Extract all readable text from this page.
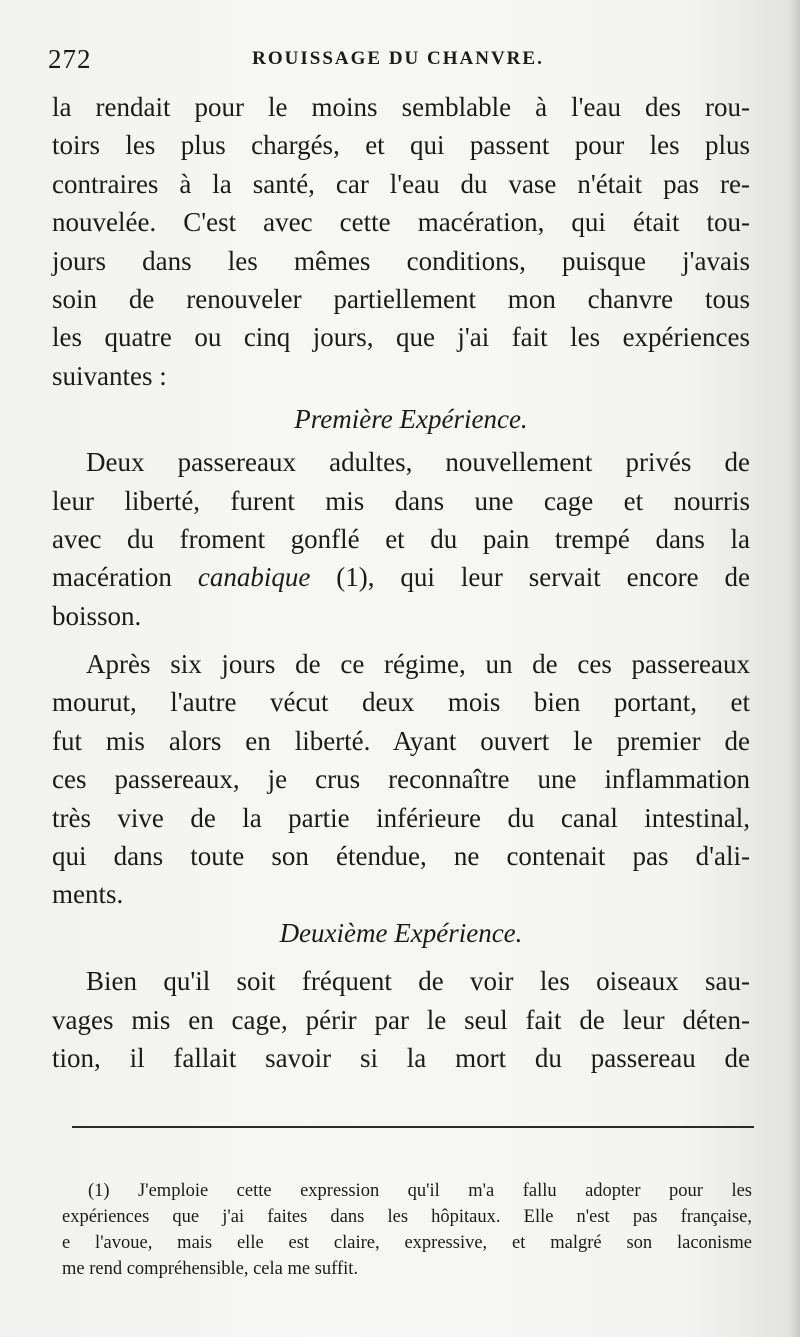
272	ROUISSAGE DU CHANVRE.
la rendait pour le moins semblable à l'eau des rou-
toirs les plus chargés, et qui passent pour les plus
contraires à la santé, car l'eau du vase n'était pas re-
nouvelée. C'est avec cette macération, qui était tou-
jours dans les mêmes conditions, puisque j'avais
soin de renouveler partiellement mon chanvre tous
les quatre ou cinq jours, que j'ai fait les expériences
suivantes :
Première Expérience.
Deux passereaux adultes, nouvellement privés de
leur liberté, furent mis dans une cage et nourris
avec du froment gonflé et du pain trempé dans la
macération canabique (1), qui leur servait encore de
boisson.
Après six jours de ce régime, un de ces passereaux
mourut, l'autre vécut deux mois bien portant, et
fut mis alors en liberté. Ayant ouvert le premier de
ces passereaux, je crus reconnaître une inflammation
très vive de la partie inférieure du canal intestinal,
qui dans toute son étendue, ne contenait pas d'ali-
ments.
Deuxième Expérience.
Bien qu'il soit fréquent de voir les oiseaux sau-
vages mis en cage, périr par le seul fait de leur déten-
tion, il fallait savoir si la mort du passereau de
(1) J'emploie cette expression qu'il m'a fallu adopter pour les
expériences que j'ai faites dans les hôpitaux. Elle n'est pas française,
e l'avoue, mais elle est claire, expressive, et malgré son laconisme
me rend compréhensible, cela me suffit.
